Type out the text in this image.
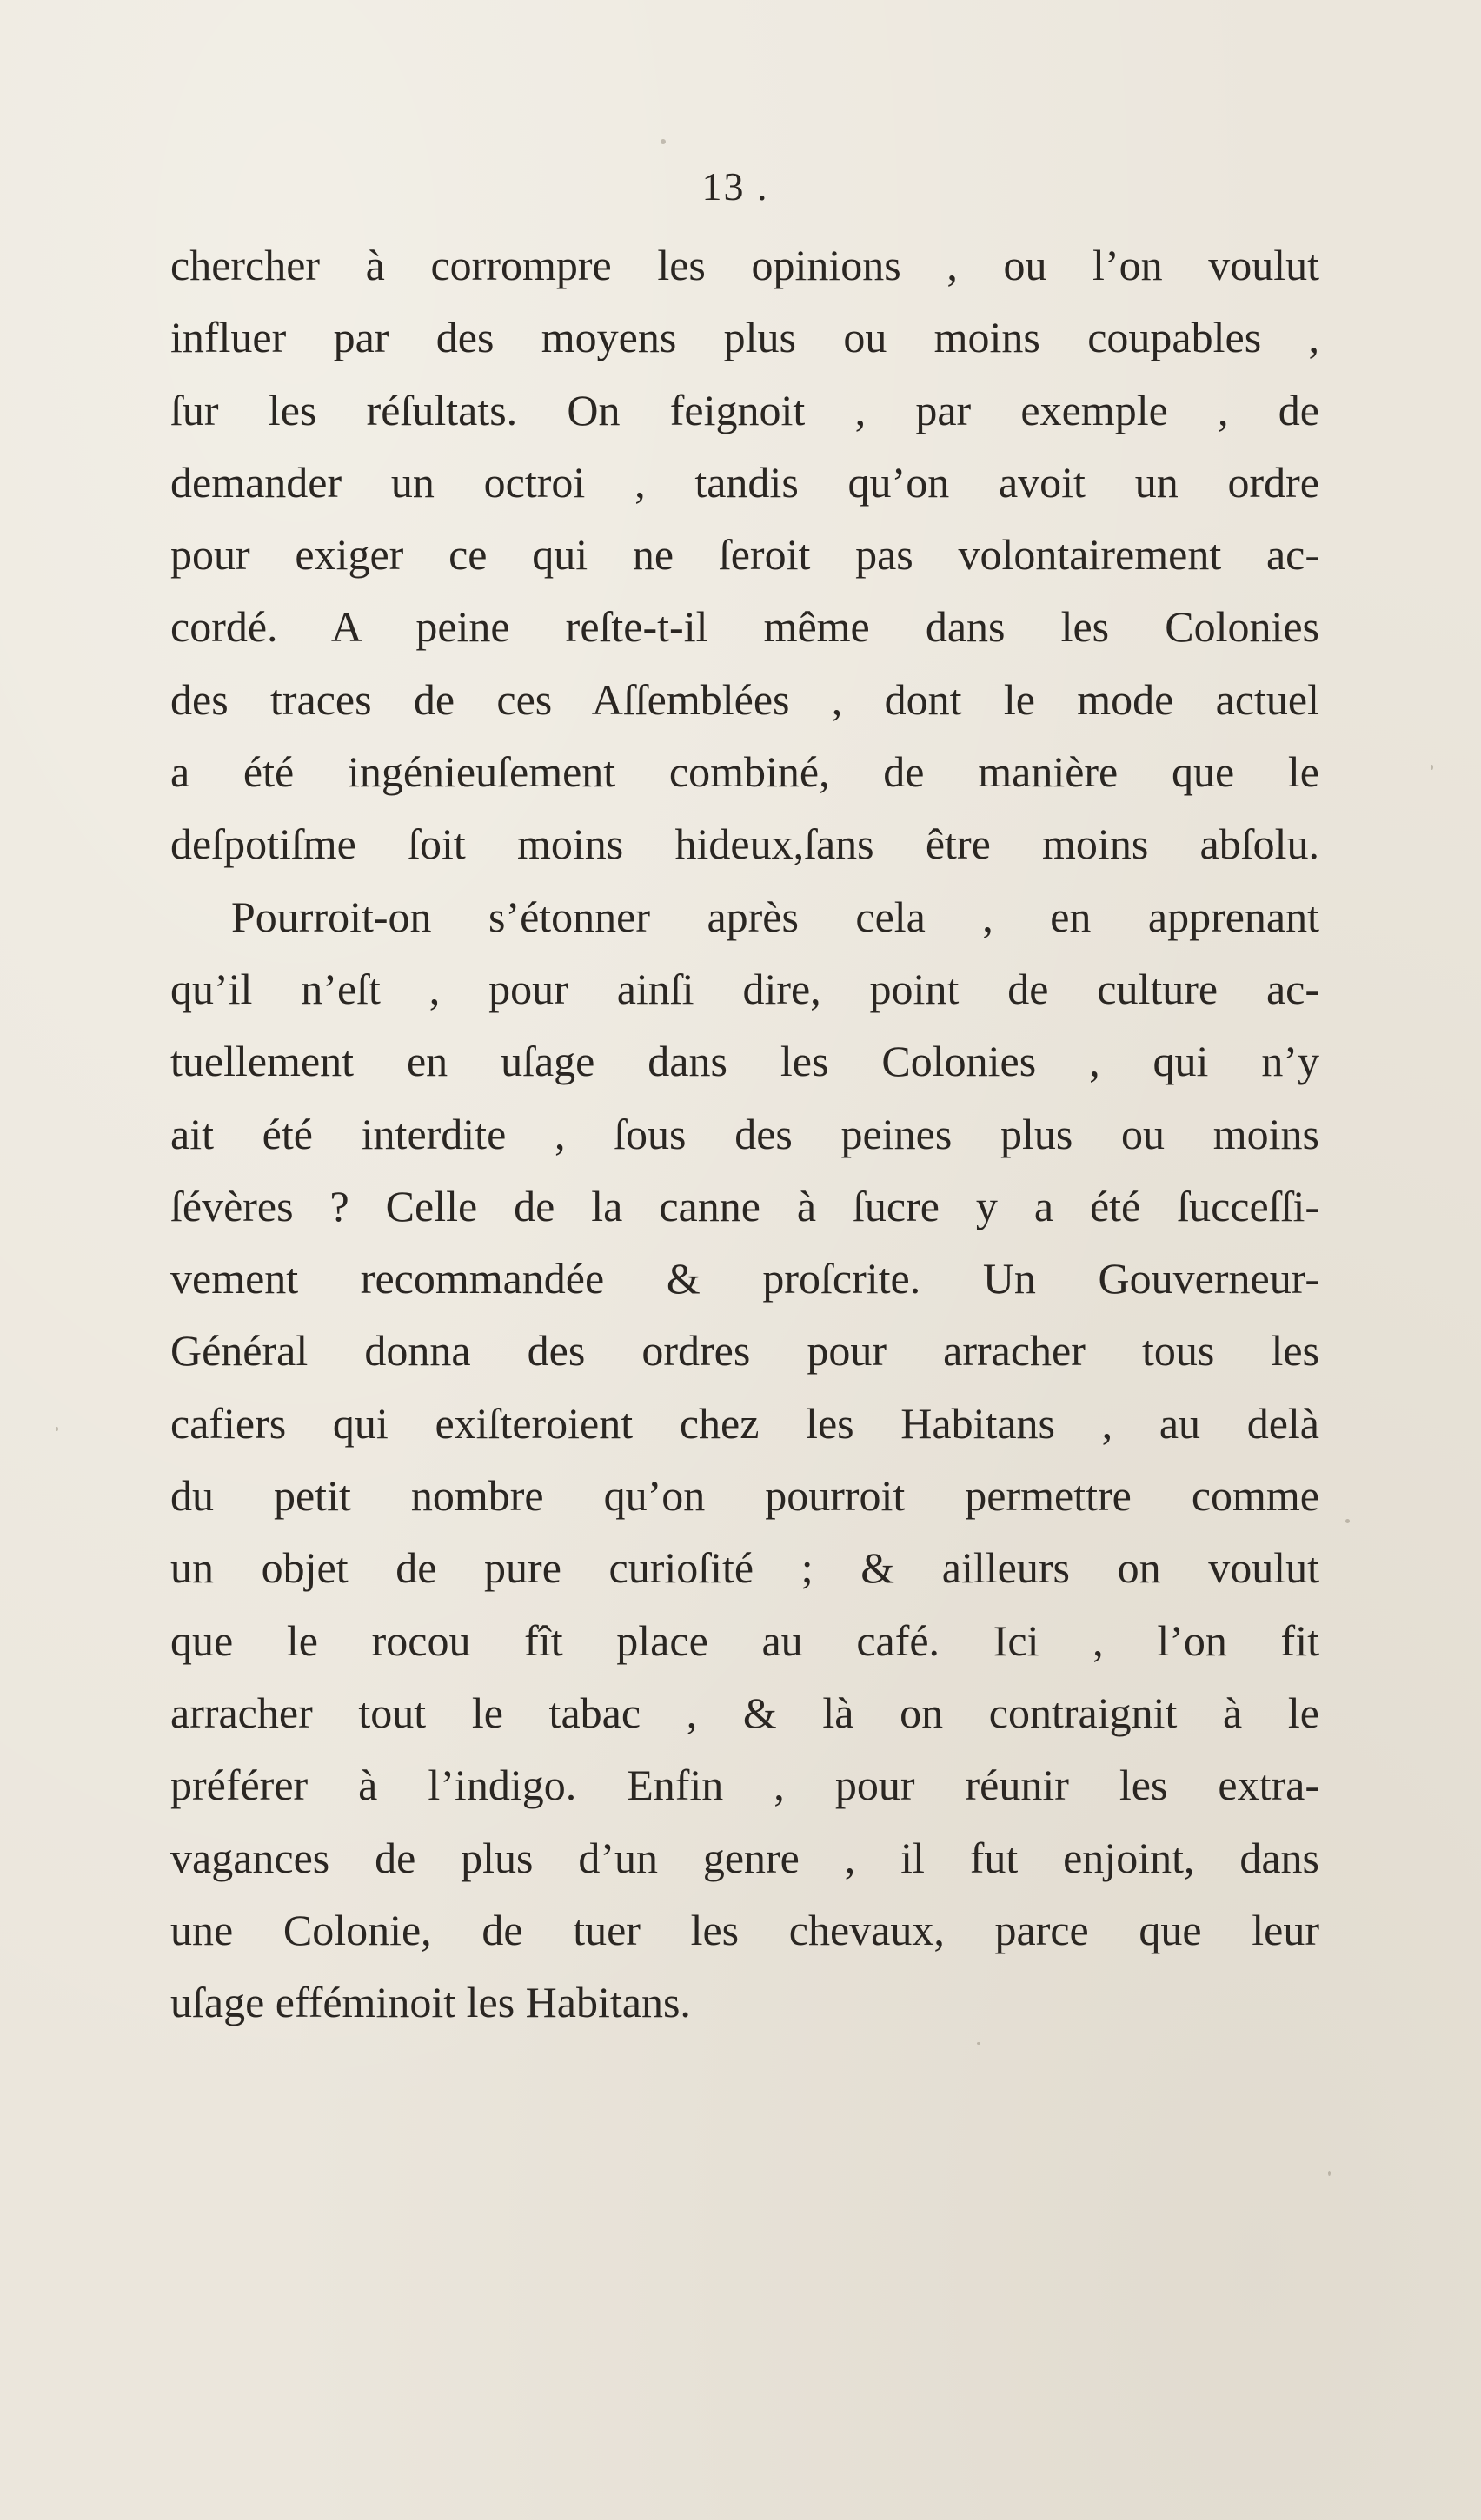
13 .
chercher à corrompre les opinions , ou l’on voulut
influer par des moyens plus ou moins coupables ,
ſur les réſultats. On feignoit , par exemple , de
demander un octroi , tandis qu’on avoit un ordre
pour exiger ce qui ne ſeroit pas volontairement ac-
cordé. A peine reſte-t-il même dans les Colonies
des traces de ces Aſſemblées , dont le mode actuel
a été ingénieuſement combiné, de manière que le
deſpotiſme ſoit moins hideux,ſans être moins abſolu.
Pourroit-on s’étonner après cela , en apprenant
qu’il n’eſt , pour ainſi dire, point de culture ac-
tuellement en uſage dans les Colonies , qui n’y
ait été interdite , ſous des peines plus ou moins
ſévères ? Celle de la canne à ſucre y a été ſucceſſi-
vement recommandée & proſcrite. Un Gouverneur-
Général donna des ordres pour arracher tous les
cafiers qui exiſteroient chez les Habitans , au delà
du petit nombre qu’on pourroit permettre comme
un objet de pure curioſité ; & ailleurs on voulut
que le rocou fît place au café. Ici , l’on fit
arracher tout le tabac , & là on contraignit à le
préférer à l’indigo. Enfin , pour réunir les extra-
vagances de plus d’un genre , il fut enjoint, dans
une Colonie, de tuer les chevaux, parce que leur
uſage efféminoit les Habitans.
